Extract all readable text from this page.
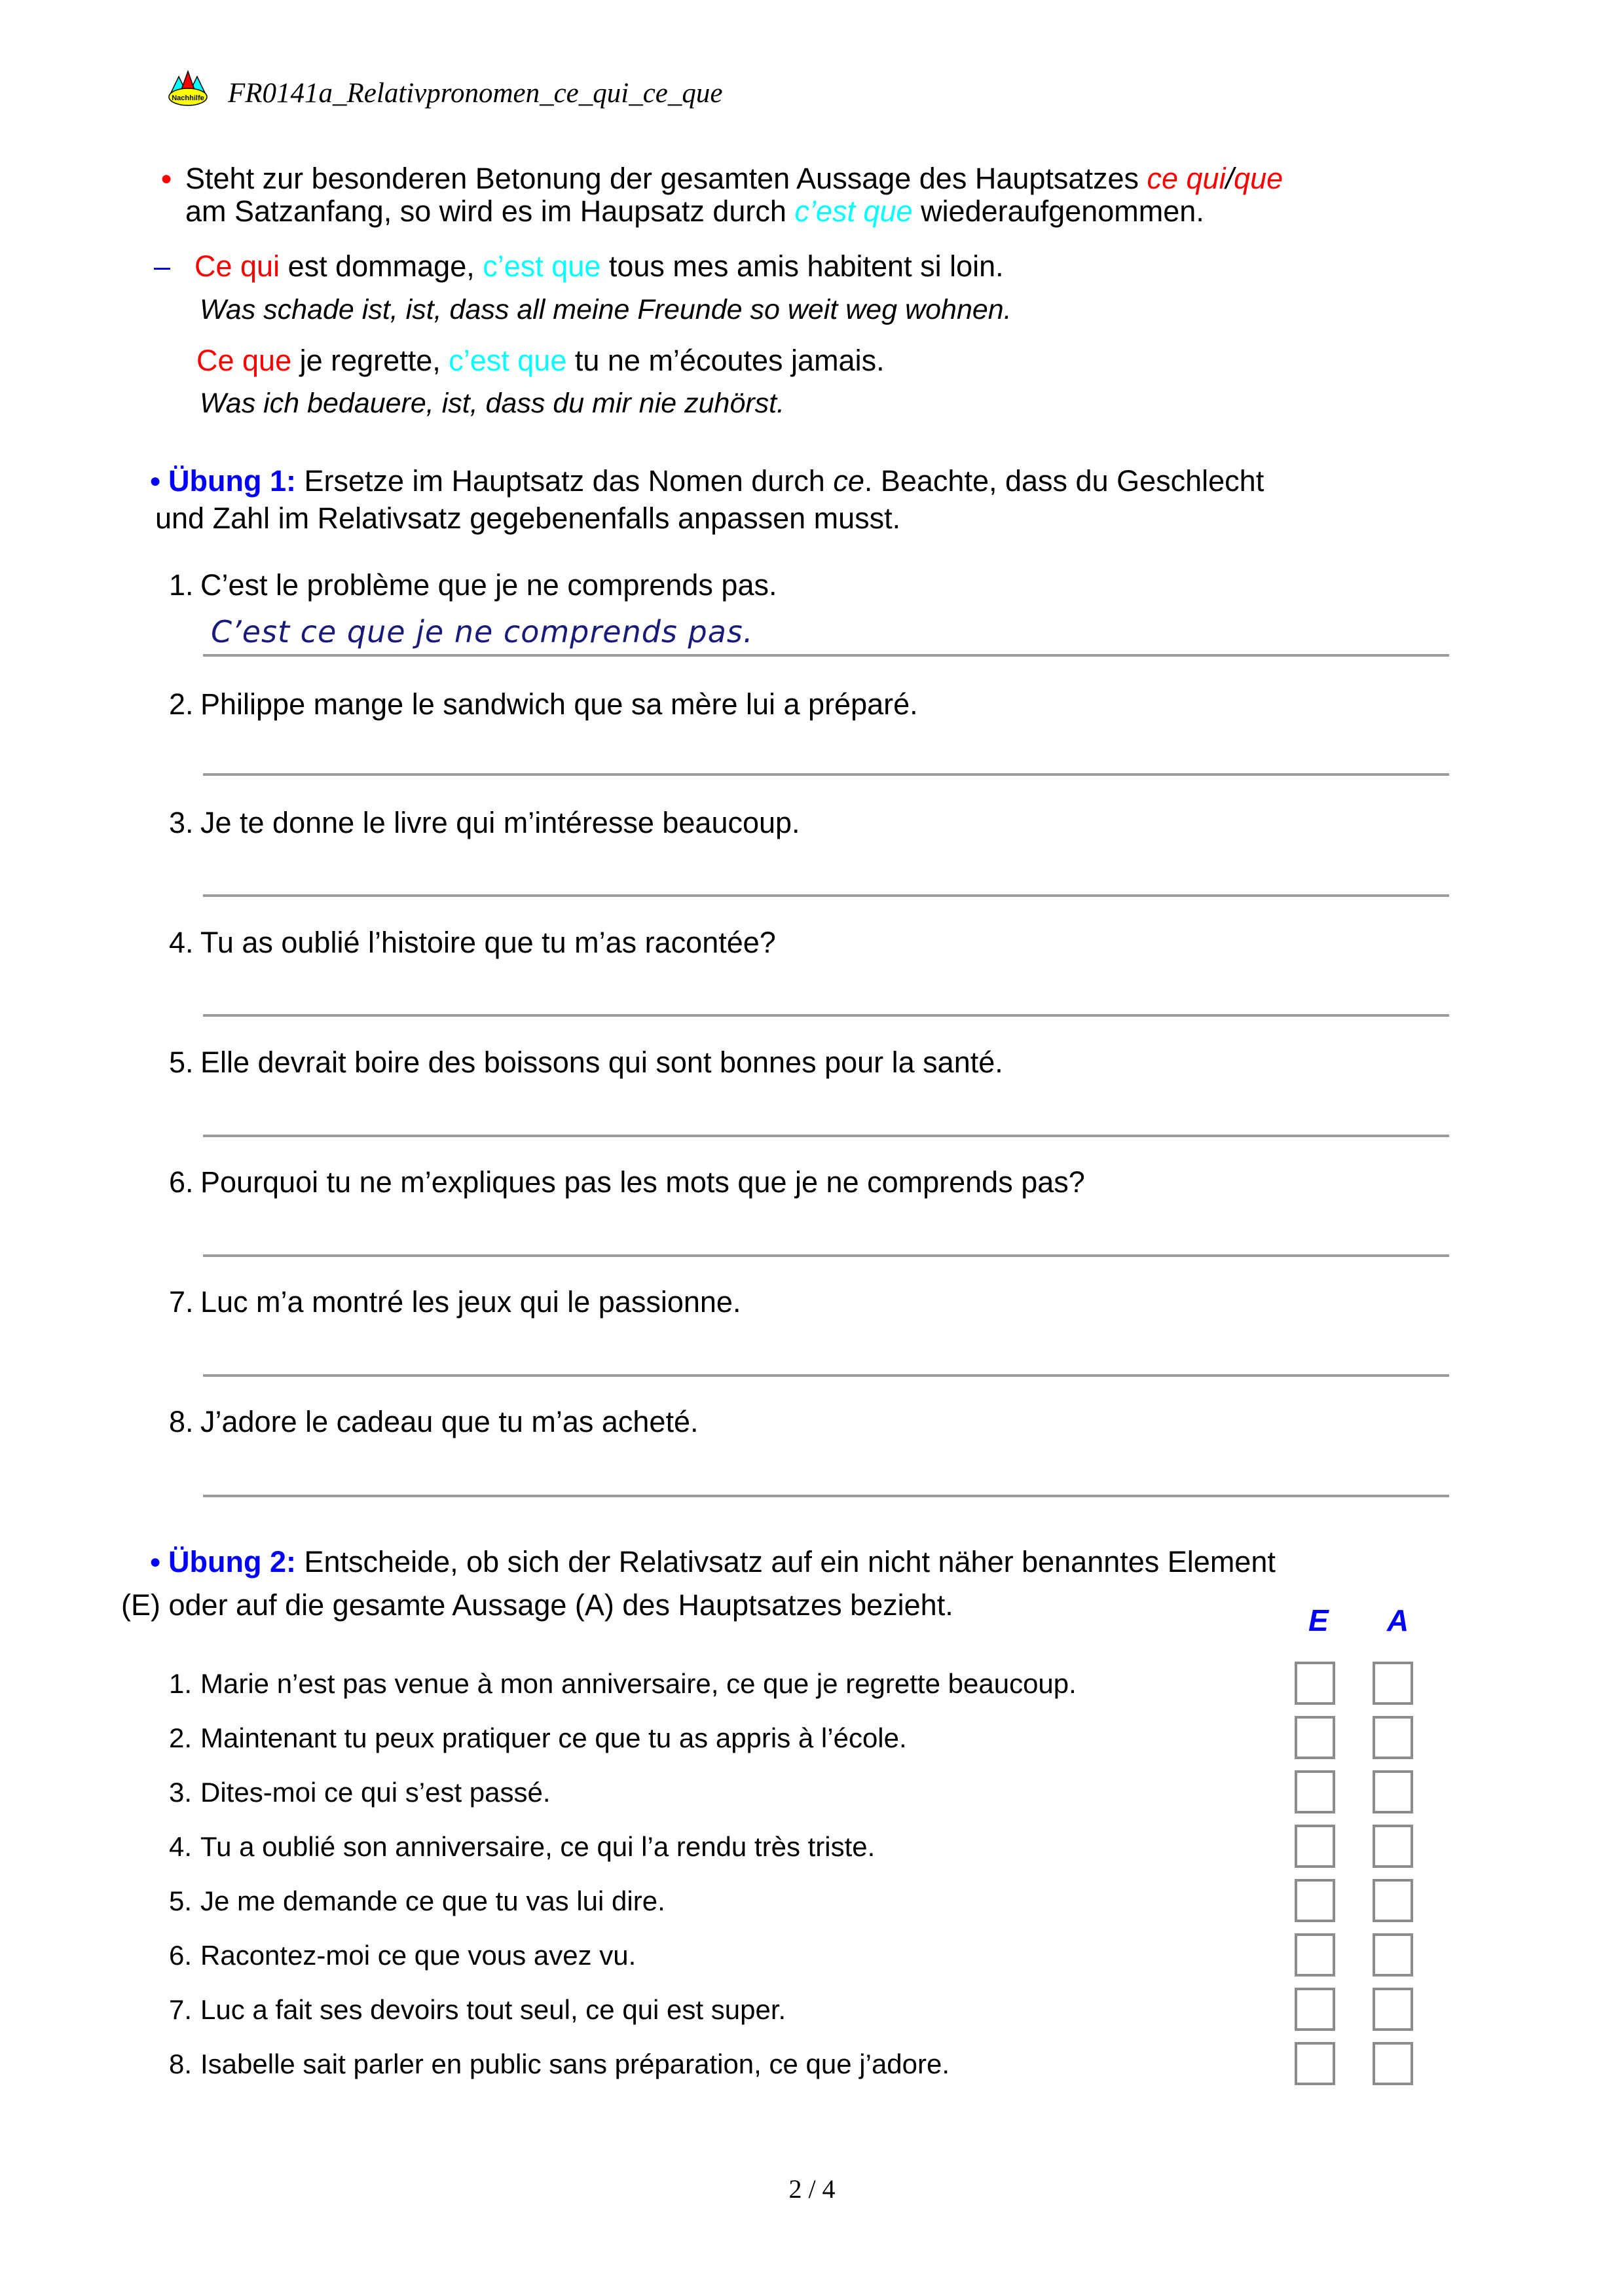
Nachhilfe FR0141a_Relativpronomen_ce_qui_ce_que
● Steht zur besonderen Betonung der gesamten Aussage des Hauptsatzes ce qui/que
am Satzanfang, so wird es im Haupsatz durch c’est que wiederaufgenommen.
– Ce qui est dommage, c’est que tous mes amis habitent si loin.
Was schade ist, ist, dass all meine Freunde so weit weg wohnen.
Ce que je regrette, c’est que tu ne m’écoutes jamais.
Was ich bedauere, ist, dass du mir nie zuhörst.
● Übung 1: Ersetze im Hauptsatz das Nomen durch ce. Beachte, dass du Geschlecht
und Zahl im Relativsatz gegebenenfalls anpassen musst.
1. C’est le problème que je ne comprends pas.
C’est ce que je ne comprends pas.
2. Philippe mange le sandwich que sa mère lui a préparé.
3. Je te donne le livre qui m’intéresse beaucoup.
4. Tu as oublié l’histoire que tu m’as racontée?
5. Elle devrait boire des boissons qui sont bonnes pour la santé.
6. Pourquoi tu ne m’expliques pas les mots que je ne comprends pas?
7. Luc m’a montré les jeux qui le passionne.
8. J’adore le cadeau que tu m’as acheté.
● Übung 2: Entscheide, ob sich der Relativsatz auf ein nicht näher benanntes Element
(E) oder auf die gesamte Aussage (A) des Hauptsatzes bezieht.	E A
1. Marie n’est pas venue à mon anniversaire, ce que je regrette beaucoup.
2. Maintenant tu peux pratiquer ce que tu as appris à l’école.
3. Dites-moi ce qui s’est passé.
4. Tu a oublié son anniversaire, ce qui l’a rendu très triste.
5. Je me demande ce que tu vas lui dire.
6. Racontez-moi ce que vous avez vu.
7. Luc a fait ses devoirs tout seul, ce qui est super.
8. Isabelle sait parler en public sans préparation, ce que j’adore.
2 / 4
